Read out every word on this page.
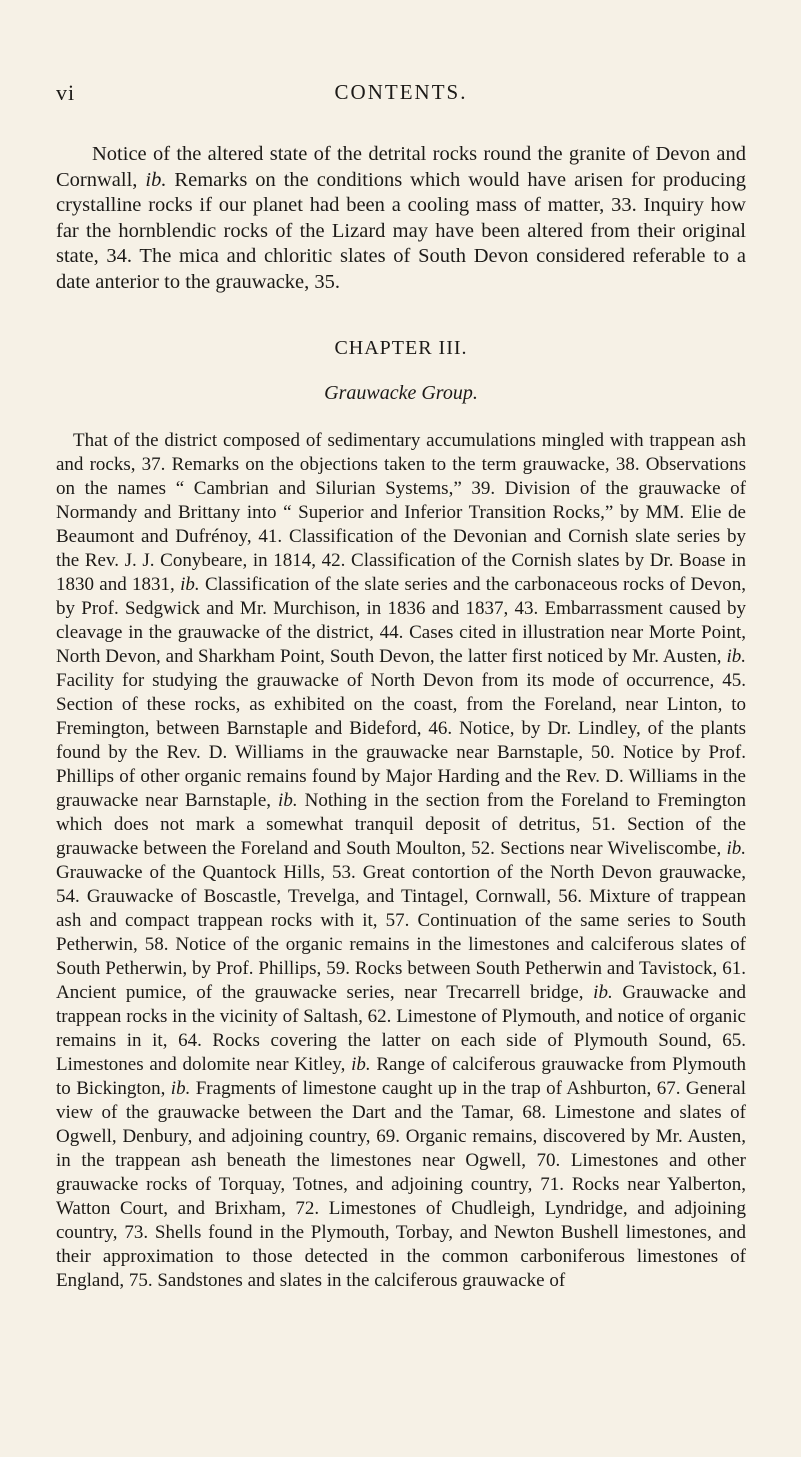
vi	CONTENTS.

Notice of the altered state of the detrital rocks round the granite of Devon and Cornwall, ib. Remarks on the conditions which would have arisen for producing crystalline rocks if our planet had been a cooling mass of matter, 33. Inquiry how far the hornblendic rocks of the Lizard may have been altered from their original state, 34. The mica and chloritic slates of South Devon considered referable to a date anterior to the grauwacke, 35.

CHAPTER III.
Grauwacke Group.

That of the district composed of sedimentary accumulations mingled with trappean ash and rocks, 37. Remarks on the objections taken to the term grauwacke, 38. Observations on the names “ Cambrian and Silurian Systems,” 39. Division of the grauwacke of Normandy and Brittany into “ Superior and Inferior Transition Rocks,” by MM. Elie de Beaumont and Dufrénoy, 41. Classification of the Devonian and Cornish slate series by the Rev. J. J. Conybeare, in 1814, 42. Classification of the Cornish slates by Dr. Boase in 1830 and 1831, ib. Classification of the slate series and the carbonaceous rocks of Devon, by Prof. Sedgwick and Mr. Murchison, in 1836 and 1837, 43. Embarrassment caused by cleavage in the grauwacke of the district, 44. Cases cited in illustration near Morte Point, North Devon, and Sharkham Point, South Devon, the latter first noticed by Mr. Austen, ib. Facility for studying the grauwacke of North Devon from its mode of occurrence, 45. Section of these rocks, as exhibited on the coast, from the Foreland, near Linton, to Fremington, between Barnstaple and Bideford, 46. Notice, by Dr. Lindley, of the plants found by the Rev. D. Williams in the grauwacke near Barnstaple, 50. Notice by Prof. Phillips of other organic remains found by Major Harding and the Rev. D. Williams in the grauwacke near Barnstaple, ib. Nothing in the section from the Foreland to Fremington which does not mark a somewhat tranquil deposit of detritus, 51. Section of the grauwacke between the Foreland and South Moulton, 52. Sections near Wiveliscombe, ib. Grauwacke of the Quantock Hills, 53. Great contortion of the North Devon grauwacke, 54. Grauwacke of Boscastle, Trevelga, and Tintagel, Cornwall, 56. Mixture of trappean ash and compact trappean rocks with it, 57. Continuation of the same series to South Petherwin, 58. Notice of the organic remains in the limestones and calciferous slates of South Petherwin, by Prof. Phillips, 59. Rocks between South Petherwin and Tavistock, 61. Ancient pumice, of the grauwacke series, near Trecarrell bridge, ib. Grauwacke and trappean rocks in the vicinity of Saltash, 62. Limestone of Plymouth, and notice of organic remains in it, 64. Rocks covering the latter on each side of Plymouth Sound, 65. Limestones and dolomite near Kitley, ib. Range of calciferous grauwacke from Plymouth to Bickington, ib. Fragments of limestone caught up in the trap of Ashburton, 67. General view of the grauwacke between the Dart and the Tamar, 68. Limestone and slates of Ogwell, Denbury, and adjoining country, 69. Organic remains, discovered by Mr. Austen, in the trappean ash beneath the limestones near Ogwell, 70. Limestones and other grauwacke rocks of Torquay, Totnes, and adjoining country, 71. Rocks near Yalberton, Watton Court, and Brixham, 72. Limestones of Chudleigh, Lyndridge, and adjoining country, 73. Shells found in the Plymouth, Torbay, and Newton Bushell limestones, and their approximation to those detected in the common carboniferous limestones of England, 75. Sandstones and slates in the calciferous grauwacke of
